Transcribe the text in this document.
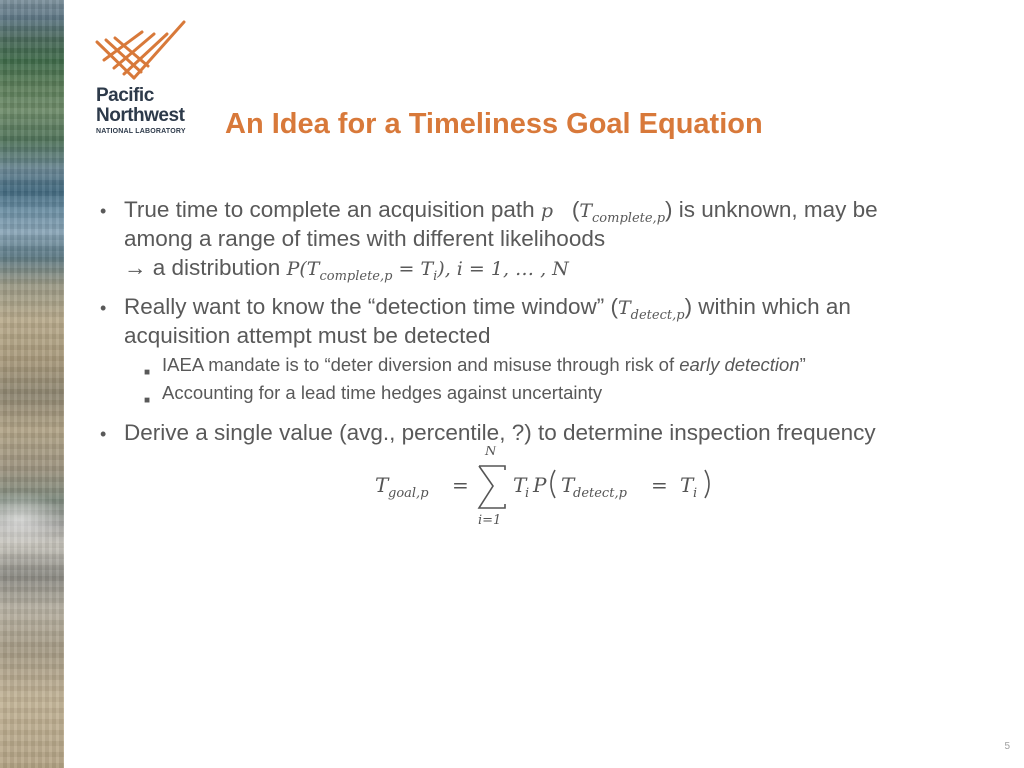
Pacific
Northwest
NATIONAL LABORATORY An Idea for a Timeliness Goal Equation
• True time to complete an acquisition path p $(T_{complete,p})$ is unknown, may be
among a range of times with different likelihoods
→ a distribution $P(T_{complete,p} = T_i)$, i = 1, … , N
• Really want to know the “detection time window” $(T_{detect,p})$ within which an
acquisition attempt must be detected
■ IAEA mandate is to “deter diversion and misuse through risk of early detection”
■ Accounting for a lead time hedges against uncertainty
• Derive a single value (avg., percentile, ?) to determine inspection frequency
T goal,p =
N
i=1
T
i P T
detect,p = T i
5
